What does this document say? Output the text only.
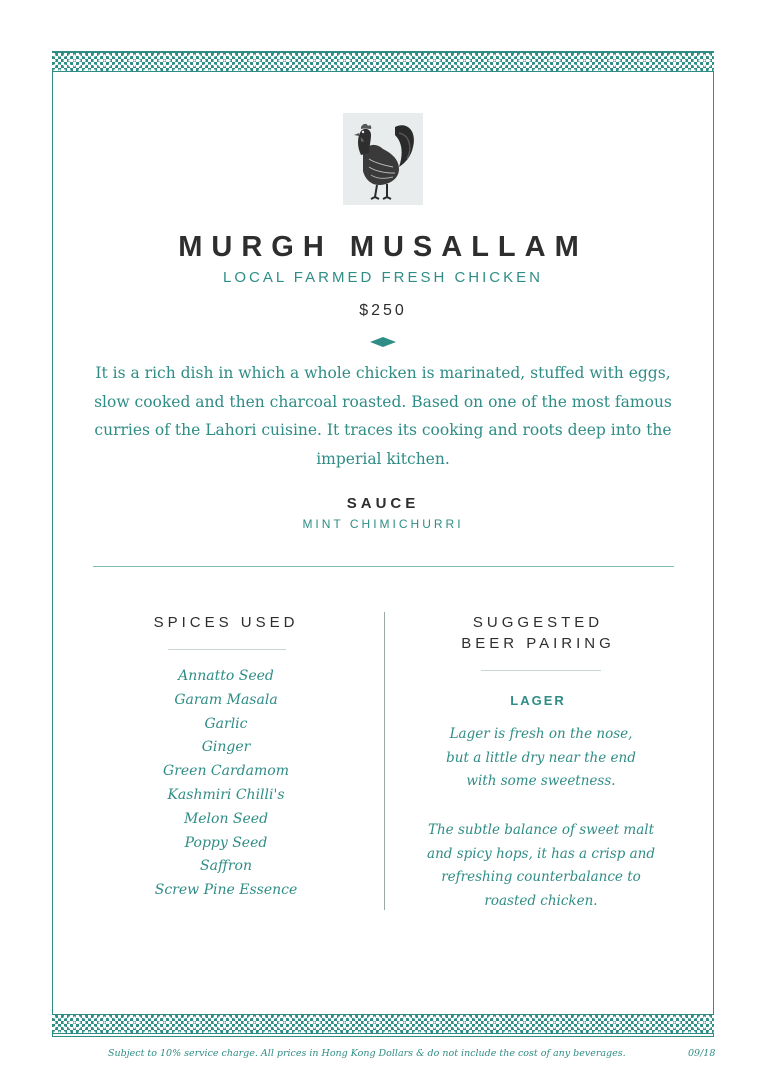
MURGH MUSALLAM
LOCAL FARMED FRESH CHICKEN
$250

It is a rich dish in which a whole chicken is marinated, stuffed with eggs,
slow cooked and then charcoal roasted. Based on one of the most famous
curries of the Lahori cuisine. It traces its cooking and roots deep into the
imperial kitchen.

SAUCE
MINT CHIMICHURRI
SPICES USED
Annatto Seed
Garam Masala
Garlic
Ginger
Green Cardamom
Kashmiri Chilli's
Melon Seed
Poppy Seed
Saffron
Screw Pine Essence
SUGGESTED
BEER PAIRING
LAGER

Lager is fresh on the nose,
but a little dry near the end
with some sweetness.

The subtle balance of sweet malt
and spicy hops, it has a crisp and
refreshing counterbalance to
roasted chicken.

Subject to 10% service charge. All prices in Hong Kong Dollars & do not include the cost of any beverages.	09/18
